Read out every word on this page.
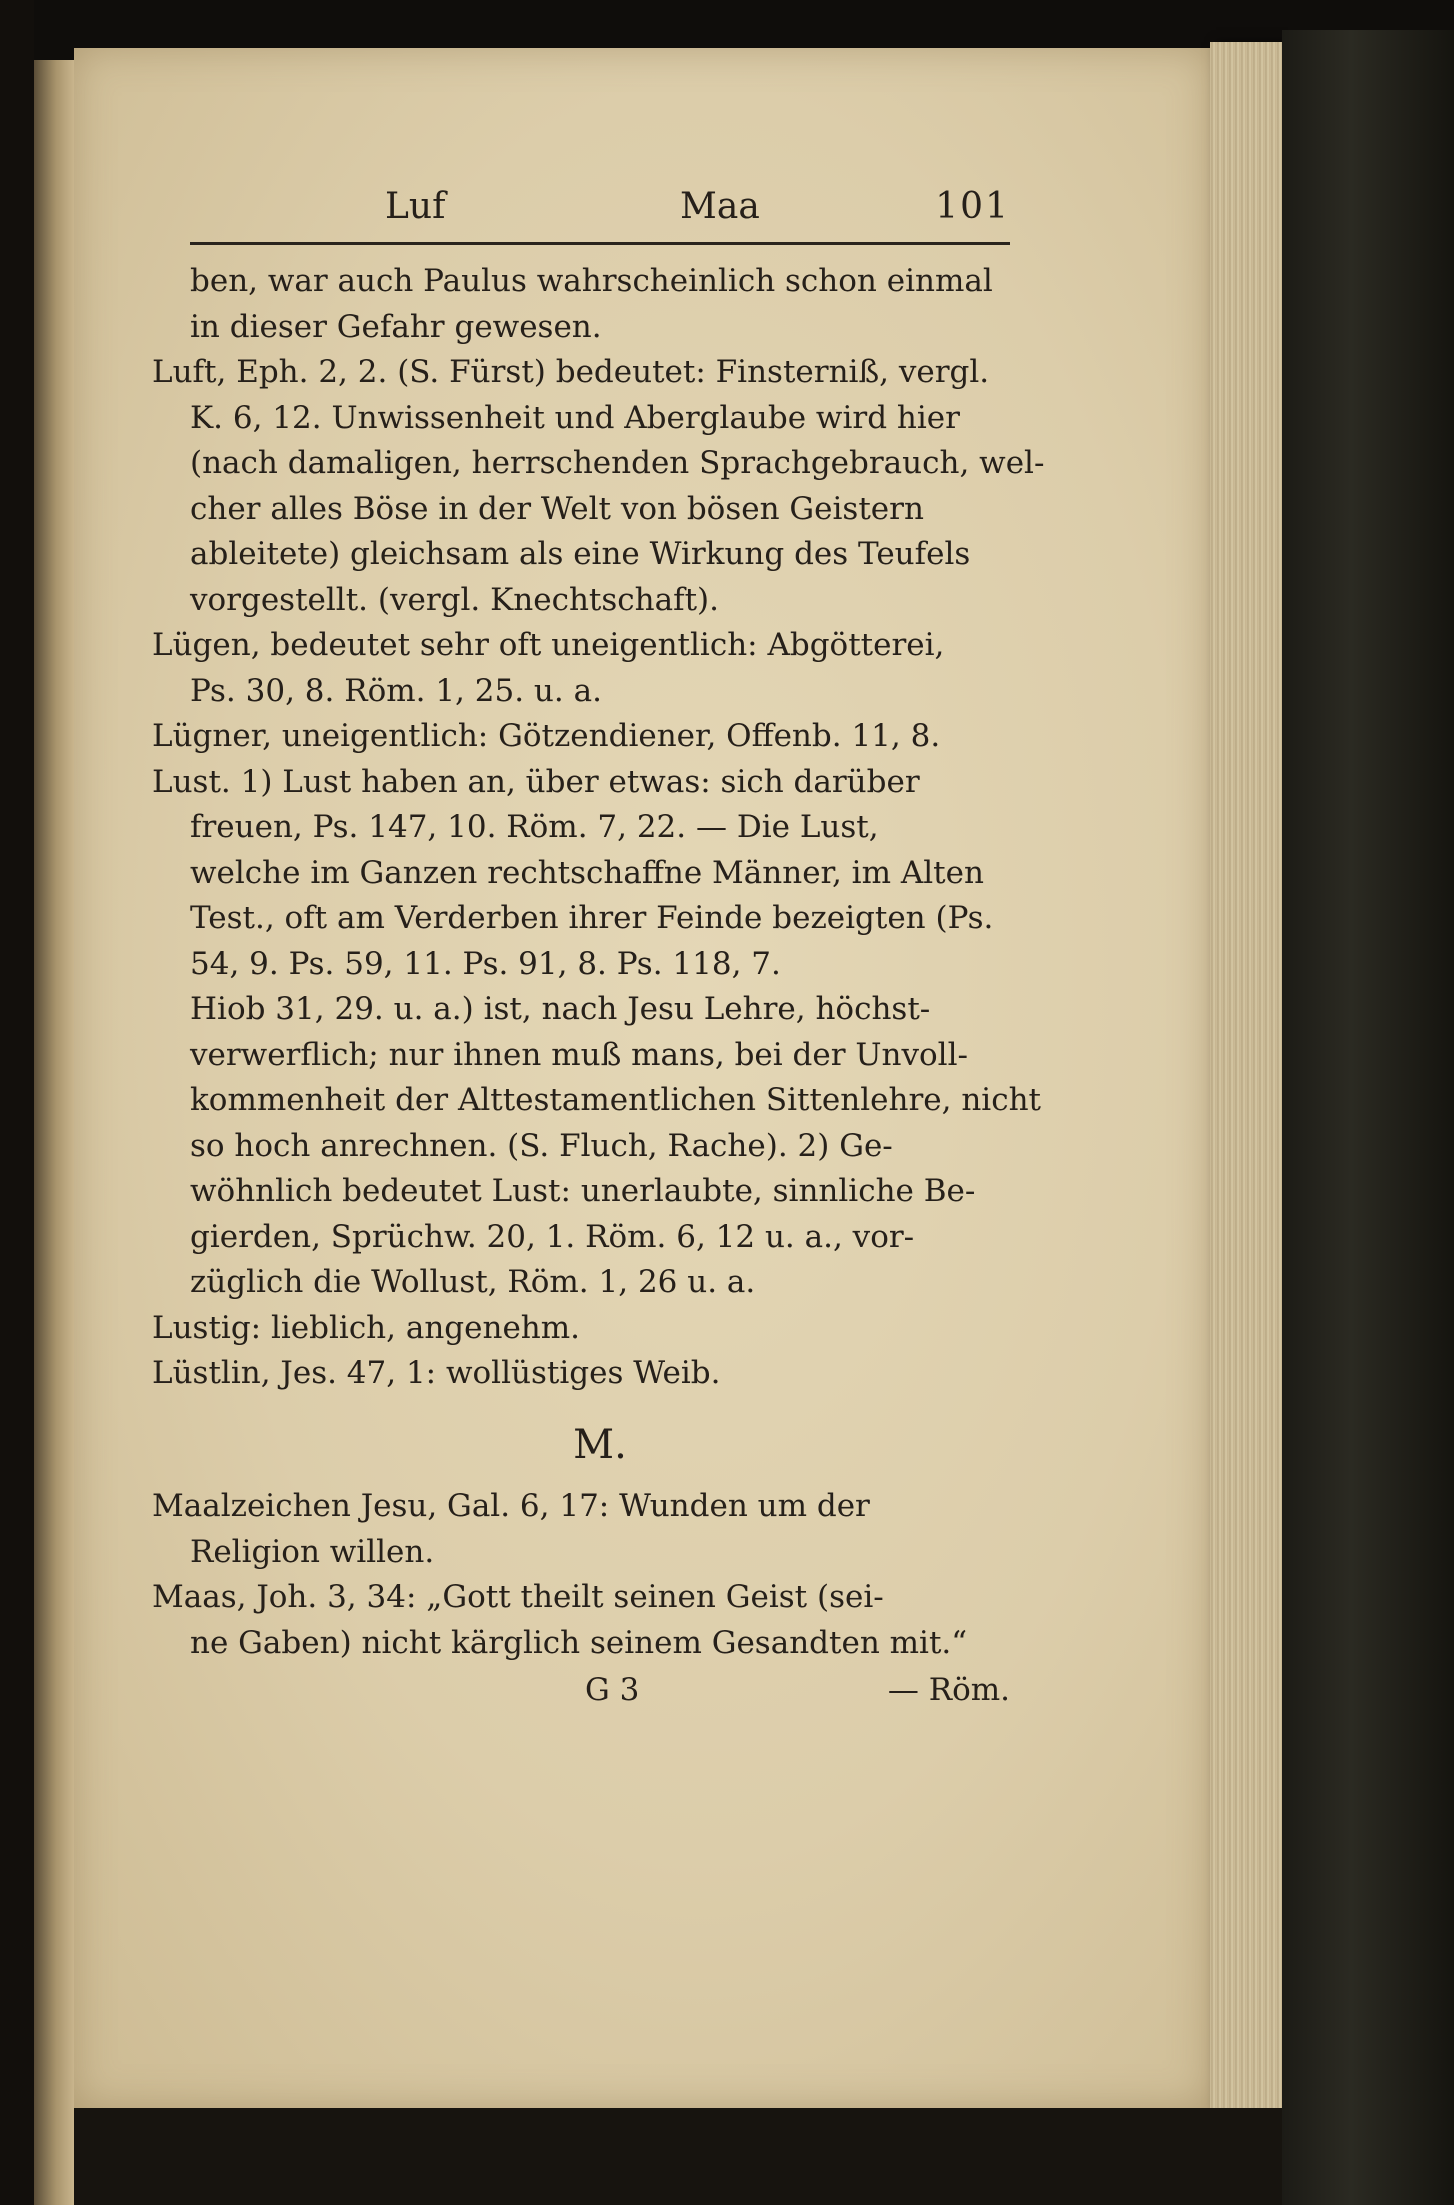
Luf	Maa	101
ben, war auch Paulus wahrscheinlich schon einmal
in dieser Gefahr gewesen.
Luft, Eph. 2, 2. (S. Fürst) bedeutet: Finsterniß, vergl.
K. 6, 12. Unwissenheit und Aberglaube wird hier
(nach damaligen, herrschenden Sprachgebrauch, wel-
cher alles Böse in der Welt von bösen Geistern
ableitete) gleichsam als eine Wirkung des Teufels
vorgestellt. (vergl. Knechtschaft).
Lügen, bedeutet sehr oft uneigentlich: Abgötterei,
Ps. 30, 8. Röm. 1, 25. u. a.
Lügner, uneigentlich: Götzendiener, Offenb. 11, 8.
Lust. 1) Lust haben an, über etwas: sich darüber
freuen, Ps. 147, 10. Röm. 7, 22. — Die Lust,
welche im Ganzen rechtschaffne Männer, im Alten
Test., oft am Verderben ihrer Feinde bezeigten (Ps.
54, 9. Ps. 59, 11. Ps. 91, 8. Ps. 118, 7.
Hiob 31, 29. u. a.) ist, nach Jesu Lehre, höchst-
verwerflich; nur ihnen muß mans, bei der Unvoll-
kommenheit der Alttestamentlichen Sittenlehre, nicht
so hoch anrechnen. (S. Fluch, Rache). 2) Ge-
wöhnlich bedeutet Lust: unerlaubte, sinnliche Be-
gierden, Sprüchw. 20, 1. Röm. 6, 12 u. a., vor-
züglich die Wollust, Röm. 1, 26 u. a.
Lustig: lieblich, angenehm.
Lüstlin, Jes. 47, 1: wollüstiges Weib.
M.
Maalzeichen Jesu, Gal. 6, 17: Wunden um der
Religion willen.
Maas, Joh. 3, 34: „Gott theilt seinen Geist (sei-
ne Gaben) nicht kärglich seinem Gesandten mit.“
G 3	— Röm.
